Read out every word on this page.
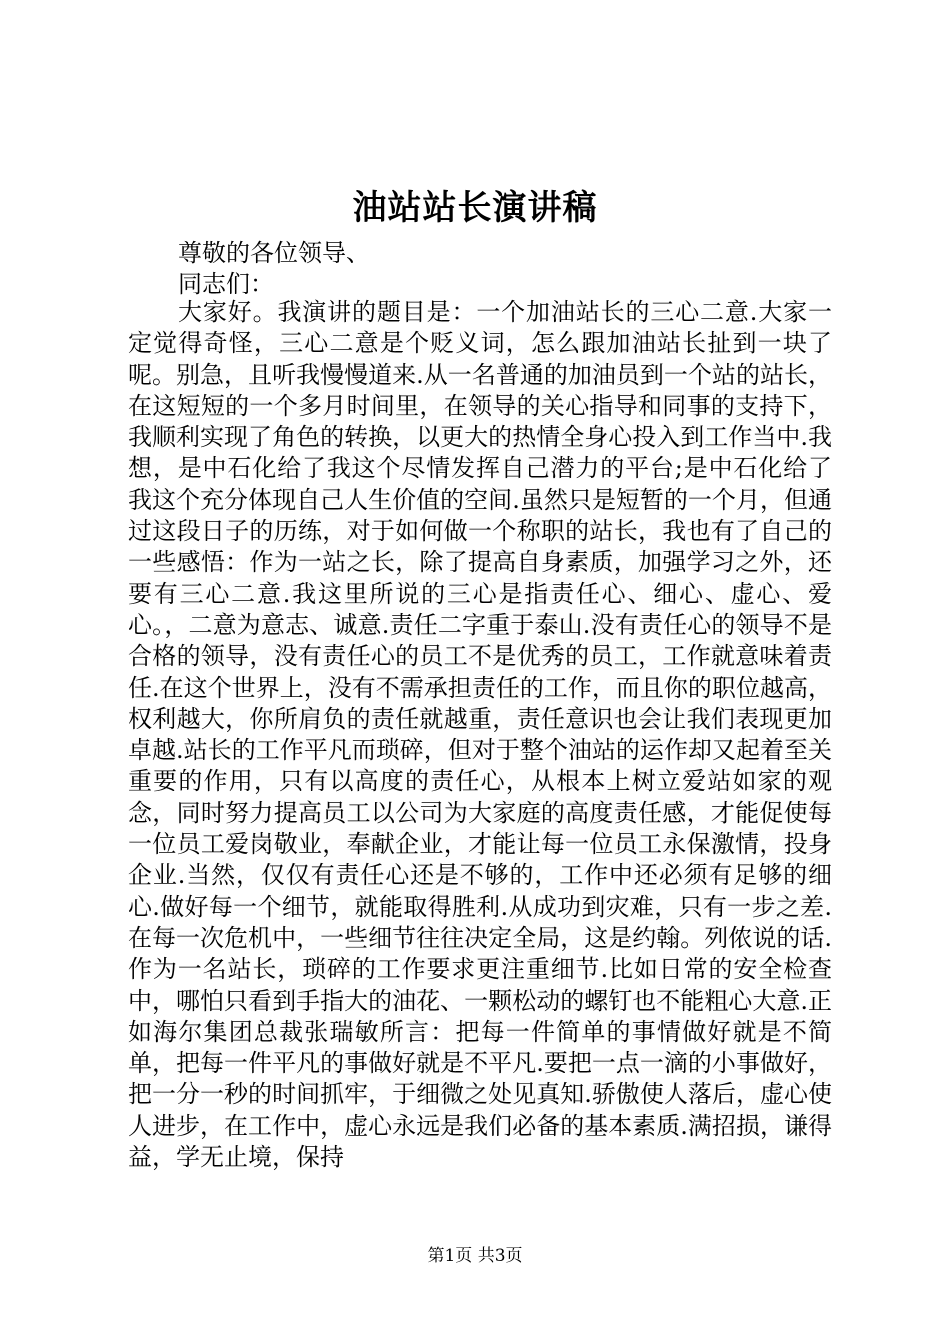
油站站长演讲稿
尊敬的各位领导、
同志们：
大家好。我演讲的题目是：一个加油站长的三心二意.大家一定觉得奇怪，三心二意是个贬义词，怎么跟加油站长扯到一块了呢。别急，且听我慢慢道来.从一名普通的加油员到一个站的站长，在这短短的一个多月时间里，在领导的关心指导和同事的支持下，我顺利实现了角色的转换，以更大的热情全身心投入到工作当中.我想，是中石化给了我这个尽情发挥自己潜力的平台;是中石化给了我这个充分体现自己人生价值的空间.虽然只是短暂的一个月，但通过这段日子的历练，对于如何做一个称职的站长，我也有了自己的一些感悟：作为一站之长，除了提高自身素质，加强学习之外，还要有三心二意.我这里所说的三心是指责任心、细心、虚心、爱心。，二意为意志、诚意.责任二字重于泰山.没有责任心的领导不是合格的领导，没有责任心的员工不是优秀的员工，工作就意味着责任.在这个世界上，没有不需承担责任的工作，而且你的职位越高，权利越大，你所肩负的责任就越重，责任意识也会让我们表现更加卓越.站长的工作平凡而琐碎，但对于整个油站的运作却又起着至关重要的作用，只有以高度的责任心，从根本上树立爱站如家的观念，同时努力提高员工以公司为大家庭的高度责任感，才能促使每一位员工爱岗敬业，奉献企业，才能让每一位员工永保激情，投身企业.当然，仅仅有责任心还是不够的，工作中还必须有足够的细心.做好每一个细节，就能取得胜利.从成功到灾难，只有一步之差.在每一次危机中，一些细节往往决定全局，这是约翰。列侬说的话.作为一名站长，琐碎的工作要求更注重细节.比如日常的安全检查中，哪怕只看到手指大的油花、一颗松动的螺钉也不能粗心大意.正如海尔集团总裁张瑞敏所言：把每一件简单的事情做好就是不简单，把每一件平凡的事做好就是不平凡.要把一点一滴的小事做好，把一分一秒的时间抓牢，于细微之处见真知.骄傲使人落后，虚心使人进步，在工作中，虚心永远是我们必备的基本素质.满招损，谦得益，学无止境，保持
第1页 共3页
